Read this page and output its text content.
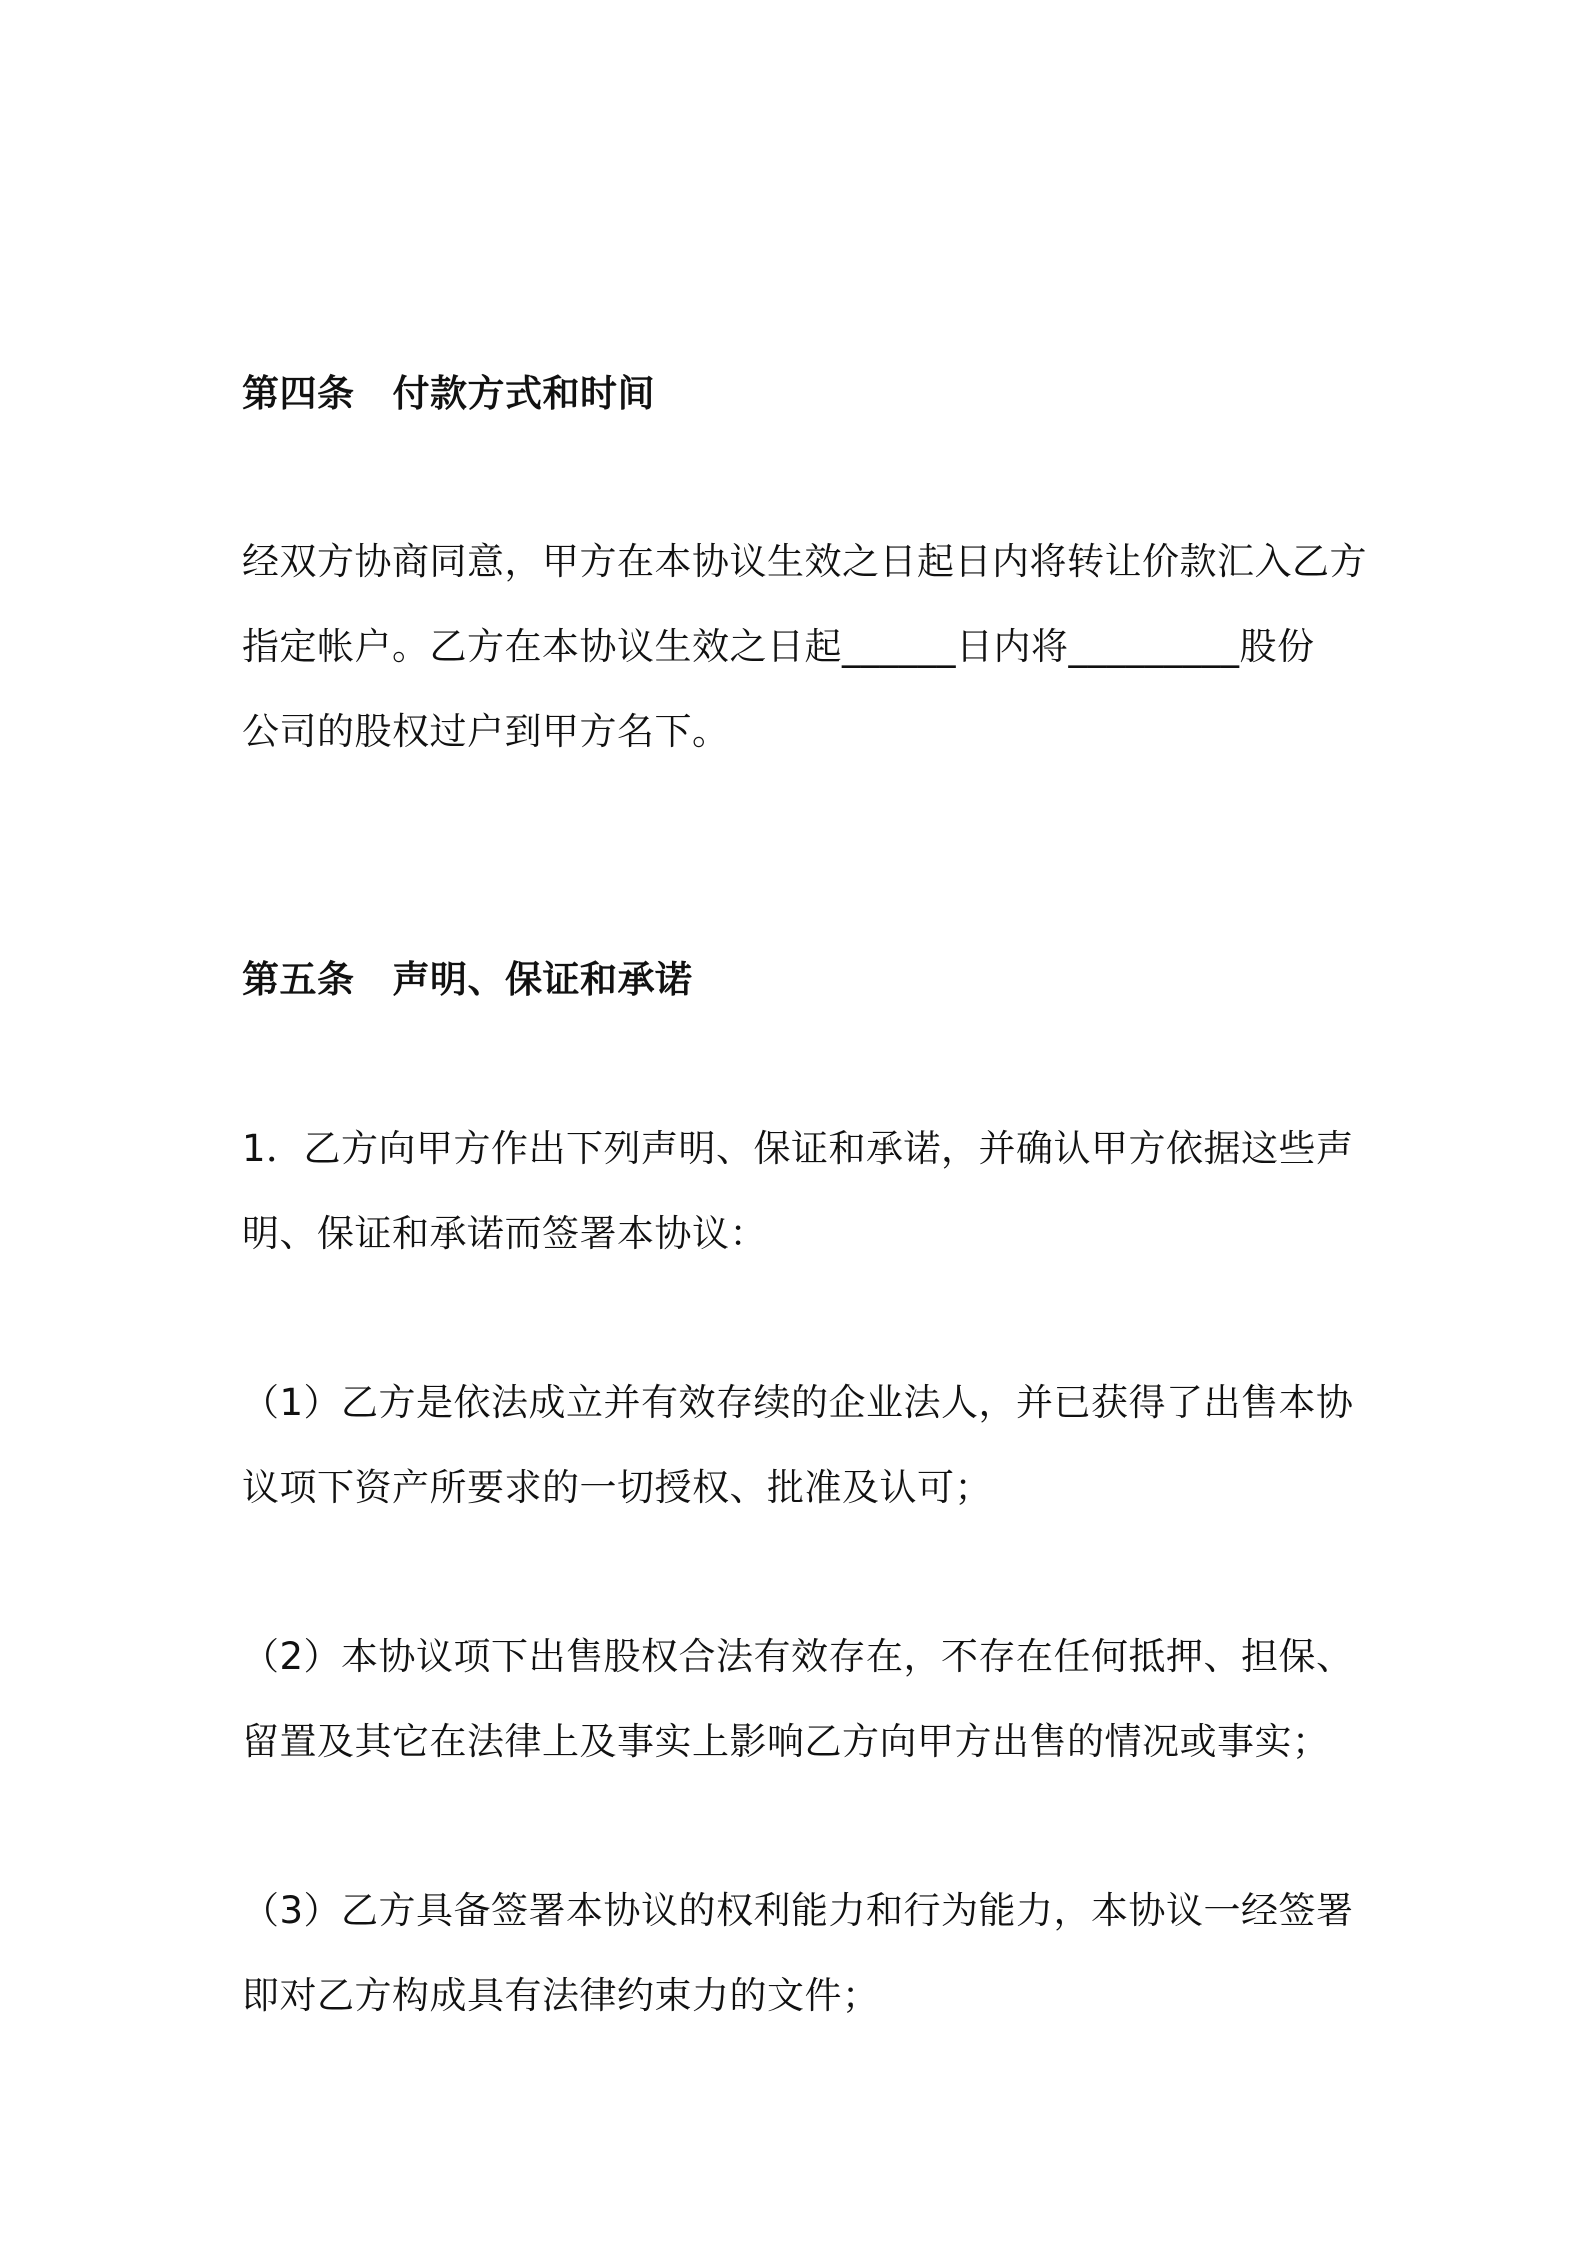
第四条 付款方式和时间

经双方协商同意，甲方在本协议生效之日起日内将转让价款汇入乙方

指定帐户。乙方在本协议生效之日起______日内将_________股份

公司的股权过户到甲方名下。

第五条 声明、保证和承诺

1．乙方向甲方作出下列声明、保证和承诺，并确认甲方依据这些声

明、保证和承诺而签署本协议：

（1）乙方是依法成立并有效存续的企业法人，并已获得了出售本协

议项下资产所要求的一切授权、批准及认可；

（2）本协议项下出售股权合法有效存在，不存在任何抵押、担保、

留置及其它在法律上及事实上影响乙方向甲方出售的情况或事实；

（3）乙方具备签署本协议的权利能力和行为能力，本协议一经签署

即对乙方构成具有法律约束力的文件；
